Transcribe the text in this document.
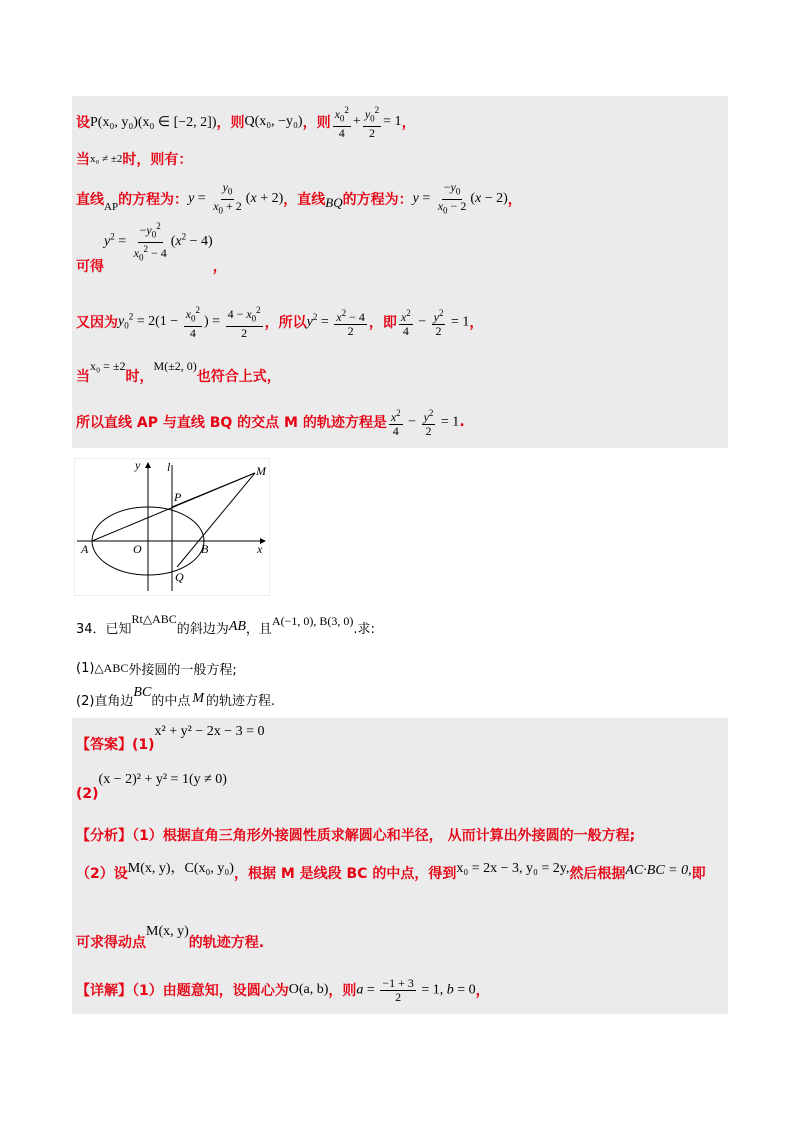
设 P(x₀, y₀)(x₀ ∈ [−2, 2]) ，则 Q(x₀, −y₀) ，则 $\frac{x_0^2}{4} + \frac{y_0^2}{2} = 1$ ，
当 x₀ ≠ ±2 时，则有：
直线 AP 的方程为： $y = \frac{y_0}{x_0 + 2} (x + 2)$ ，直线 BQ 的方程为： $y = \frac{-y_0}{x_0 - 2} (x - 2)$ ，
可得
$y^2 = \frac{-y_0^2}{x_0^2 - 4} (x^2 - 4)$
，
又因为 $y_0^2 = 2(1 - \frac{x_0^2}{4}$ ) = $\frac{4 - x_0^2}{2}$ ，所以 $y^2 = \frac{x^2 - 4}{2}$ ，即 $\frac{x^2}{4} - \frac{y^2}{2} = 1$ ，
当
x₀ = ±2
时，
M(±2, 0)
也符合上式，
所以直线 AP 与直线 BQ 的交点 M 的轨迹方程是 $\frac{x^2}{4} - \frac{y^2}{2} = 1$ .
y l	M
P
A	O	B	x
Q
34．已知
Rt△ABC
的斜边为 AB ，且
A(−1, 0), B(3, 0)
.求:
(1) △ABC 外接圆的一般方程;
(2)直角边
BC
的中点 M 的轨迹方程.
【答案】(1)
x² + y² − 2x − 3 = 0
(2)
(x − 2)² + y² = 1(y ≠ 0)
【分析】（1）根据直角三角形外接圆性质求解圆心和半径， 从而计算出外接圆的一般方程;
（2）设 M(x, y)，C(x₀, y₀) ，根据 M 是线段 BC 的中点，得到 x₀ = 2x − 3, y₀ = 2y, 然后根据 AC·BC = 0, 即
可求得动点
M(x, y)
的轨迹方程.
【详解】（1）由题意知，设圆心为 O(a, b) ，则 $a = \frac{-1 + 3}{2} = 1$, b = 0 ，
